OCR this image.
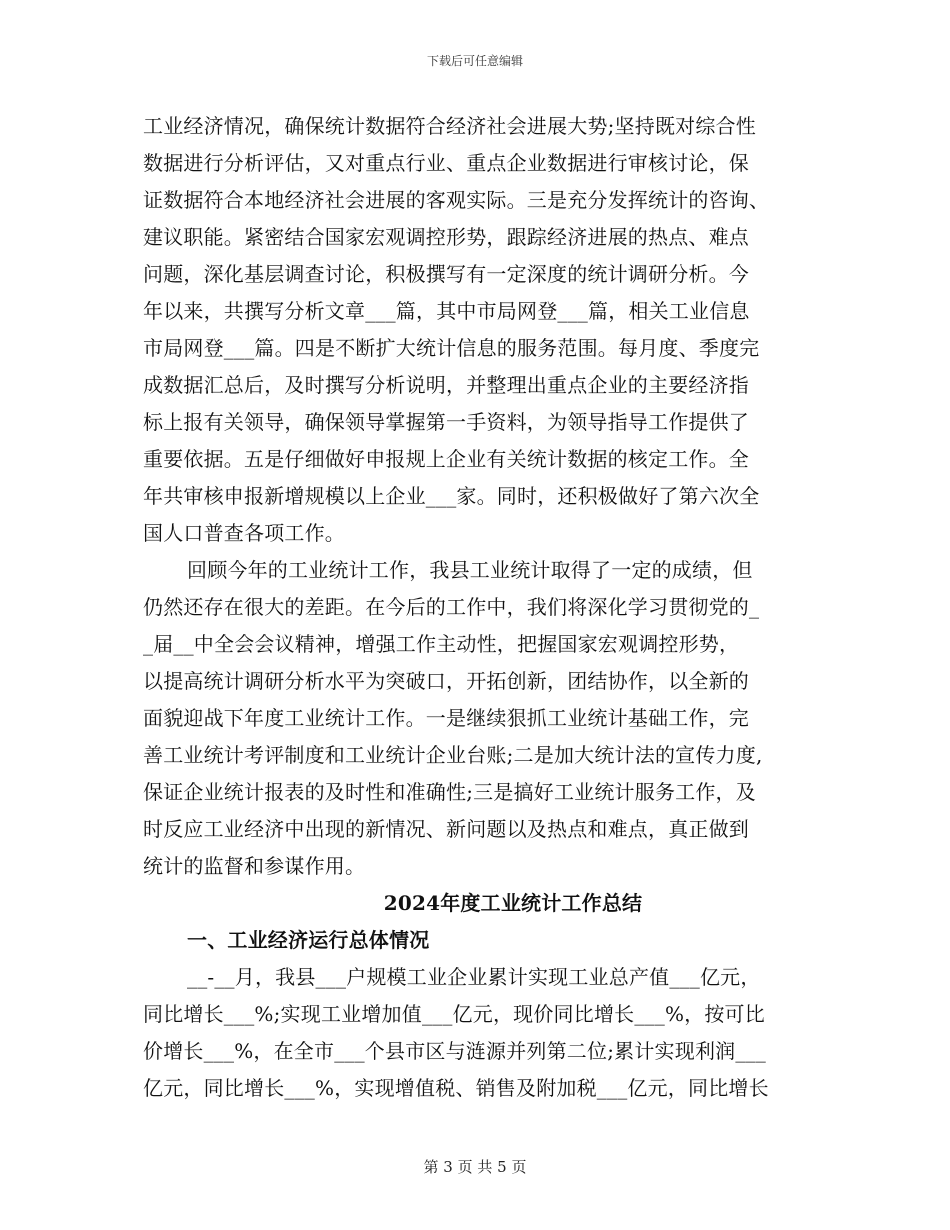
下载后可任意编辑
工业经济情况，确保统计数据符合经济社会进展大势;坚持既对综合性
数据进行分析评估，又对重点行业、重点企业数据进行审核讨论，保
证数据符合本地经济社会进展的客观实际。三是充分发挥统计的咨询、
建议职能。紧密结合国家宏观调控形势，跟踪经济进展的热点、难点
问题，深化基层调查讨论，积极撰写有一定深度的统计调研分析。今
年以来，共撰写分析文章___篇，其中市局网登___篇，相关工业信息
市局网登___篇。四是不断扩大统计信息的服务范围。每月度、季度完
成数据汇总后，及时撰写分析说明，并整理出重点企业的主要经济指
标上报有关领导，确保领导掌握第一手资料，为领导指导工作提供了
重要依据。五是仔细做好申报规上企业有关统计数据的核定工作。全
年共审核申报新增规模以上企业___家。同时，还积极做好了第六次全
国人口普查各项工作。
回顾今年的工业统计工作，我县工业统计取得了一定的成绩，但
仍然还存在很大的差距。在今后的工作中，我们将深化学习贯彻党的_
_届__中全会会议精神，增强工作主动性，把握国家宏观调控形势，
以提高统计调研分析水平为突破口，开拓创新，团结协作，以全新的
面貌迎战下年度工业统计工作。一是继续狠抓工业统计基础工作，完
善工业统计考评制度和工业统计企业台账;二是加大统计法的宣传力度,
保证企业统计报表的及时性和准确性;三是搞好工业统计服务工作，及
时反应工业经济中出现的新情况、新问题以及热点和难点，真正做到
统计的监督和参谋作用。
2024年度工业统计工作总结
一、工业经济运行总体情况
__-__月，我县___户规模工业企业累计实现工业总产值___亿元，
同比增长___%;实现工业增加值___亿元，现价同比增长___%，按可比
价增长___%，在全市___个县市区与涟源并列第二位;累计实现利润___
亿元，同比增长___%，实现增值税、销售及附加税___亿元，同比增长
第 3 页 共 5 页
